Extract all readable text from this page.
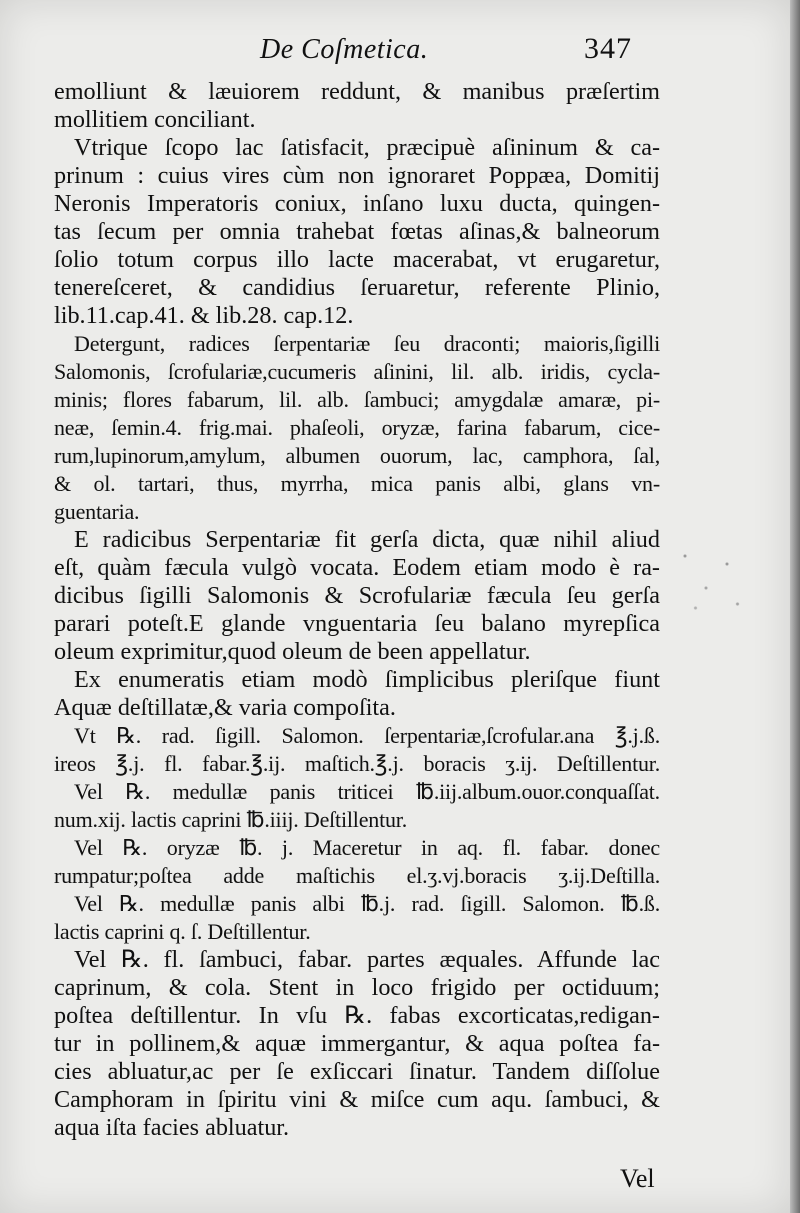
De Coſmetica.	347
emolliunt & læuiorem reddunt, & manibus præſertim
mollitiem conciliant.
Vtrique ſcopo lac ſatisfacit, præcipuè aſininum & ca-
prinum : cuius vires cùm non ignoraret Poppæa, Domitij
Neronis Imperatoris coniux, inſano luxu ducta, quingen-
tas ſecum per omnia trahebat fœtas aſinas,& balneorum
ſolio totum corpus illo lacte macerabat, vt erugaretur,
tenereſceret, & candidius ſeruaretur, referente Plinio,
lib.11.cap.41. & lib.28. cap.12.
Detergunt, radices ſerpentariæ ſeu draconti; maioris,ſigilli
Salomonis, ſcrofulariæ,cucumeris aſinini, lil. alb. iridis, cycla-
minis; flores fabarum, lil. alb. ſambuci; amygdalæ amaræ, pi-
neæ, ſemin.4. frig.mai. phaſeoli, oryzæ, farina fabarum, cice-
rum,lupinorum,amylum, albumen ouorum, lac, camphora, ſal,
& ol. tartari, thus, myrrha, mica panis albi, glans vn-
guentaria.
E radicibus Serpentariæ fit gerſa dicta, quæ nihil aliud
eſt, quàm fæcula vulgò vocata. Eodem etiam modo è ra-
dicibus ſigilli Salomonis & Scrofulariæ fæcula ſeu gerſa
parari poteſt.E glande vnguentaria ſeu balano myrepſica
oleum exprimitur,quod oleum de been appellatur.
Ex enumeratis etiam modò ſimplicibus pleriſque fiunt
Aquæ deſtillatæ,& varia compoſita.
Vt ℞. rad. ſigill. Salomon. ſerpentariæ,ſcrofular.ana ℥.j.ß.
ireos ℥.j. fl. fabar.℥.ij. maſtich.℥.j. boracis ʒ.ij. Deſtillentur.
Vel ℞. medullæ panis triticei ℔.iij.album.ouor.conquaſſat.
num.xij. lactis caprini ℔.iiij. Deſtillentur.
Vel ℞. oryzæ ℔. j. Maceretur in aq. fl. fabar. donec
rumpatur;poſtea adde maſtichis el.ʒ.vj.boracis ʒ.ij.Deſtilla.
Vel ℞. medullæ panis albi ℔.j. rad. ſigill. Salomon. ℔.ß.
lactis caprini q. ſ. Deſtillentur.
Vel ℞. fl. ſambuci, fabar. partes æquales. Affunde lac
caprinum, & cola. Stent in loco frigido per octiduum;
poſtea deſtillentur. In vſu ℞. fabas excorticatas,redigan-
tur in pollinem,& aquæ immergantur, & aqua poſtea fa-
cies abluatur,ac per ſe exſiccari ſinatur. Tandem diſſolue
Camphoram in ſpiritu vini & miſce cum aqu. ſambuci, &
aqua iſta facies abluatur.
Vel
